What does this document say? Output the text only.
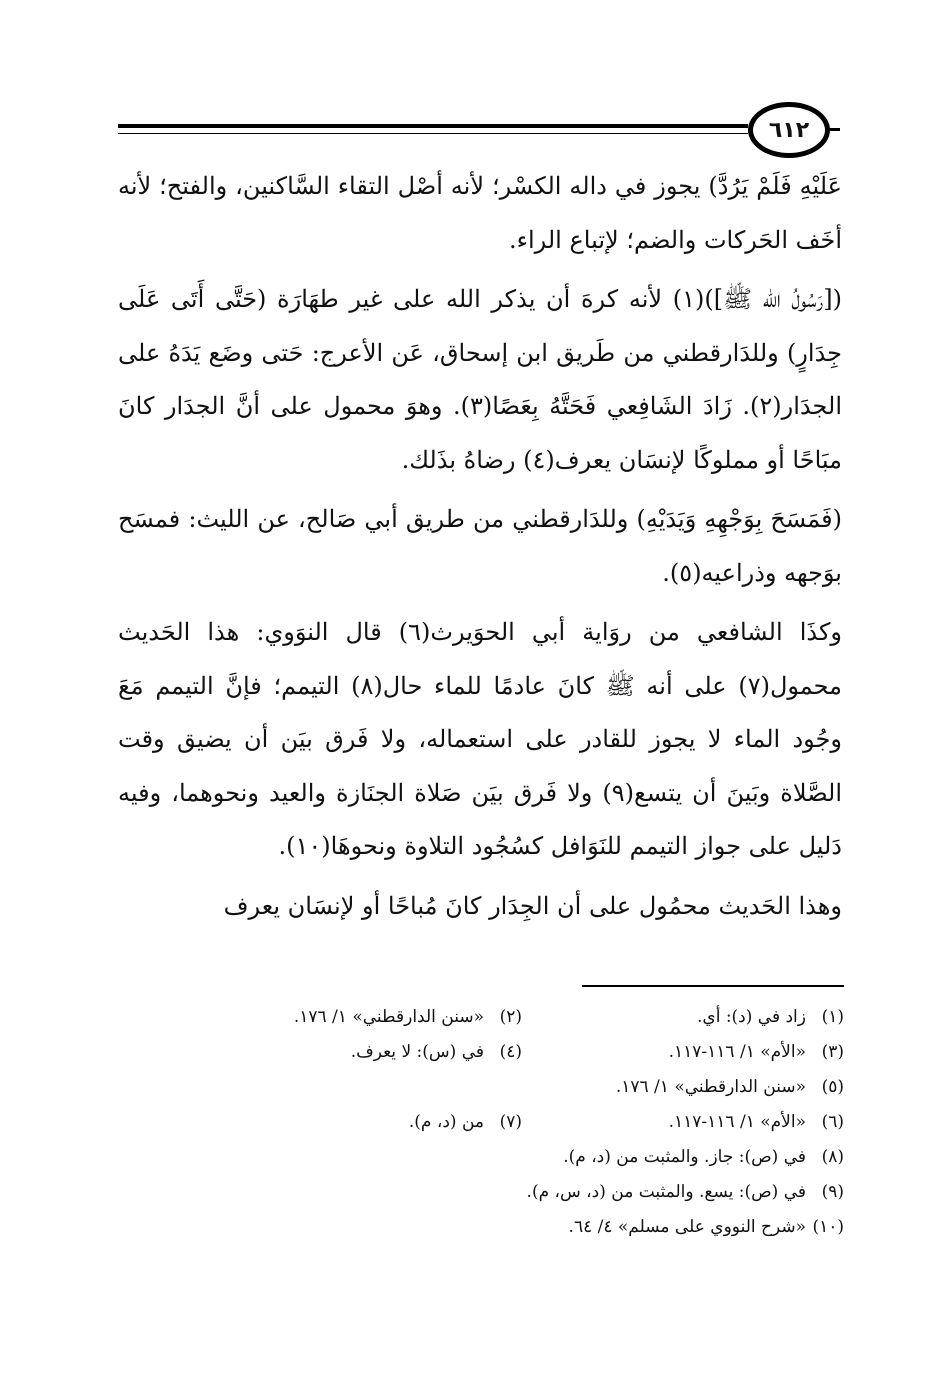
٦١٢

عَلَيْهِ فَلَمْ يَرُدَّ) يجوز في داله الكسْر؛ لأنه أصْل التقاء السَّاكنين، والفتح؛ لأنه أخَف الحَركات والضم؛ لإتباع الراء.

([رَسُولُ الله ﷺ])(١) لأنه كرهَ أن يذكر الله على غير طهَارَة (حَتَّى أَتَى عَلَى جِدَارٍ) وللدَارقطني من طَريق ابن إسحاق، عَن الأعرج: حَتى وضَع يَدَهُ على الجدَار(٢). زَادَ الشَافِعي فَحَتَّهُ بِعَصًا(٣). وهوَ محمول على أنَّ الجدَار كانَ مبَاحًا أو مملوكًا لإنسَان يعرف(٤) رضاهُ بذَلك.

(فَمَسَحَ بِوَجْهِهِ وَيَدَيْهِ) وللدَارقطني من طريق أبي صَالح، عن الليث: فمسَح بوَجهه وذراعيه(٥).

وكذَا الشافعي من روَاية أبي الحوَيرث(٦) قال النوَوي: هذا الحَديث محمول(٧) على أنه ﷺ كانَ عادمًا للماء حال(٨) التيمم؛ فإنَّ التيمم مَعَ وجُود الماء لا يجوز للقادر على استعماله، ولا فَرق بيَن أن يضيق وقت الصَّلاة وبَينَ أن يتسع(٩) ولا فَرق بيَن صَلاة الجنَازة والعيد ونحوهما، وفيه دَليل على جواز التيمم للنَوَافل كسُجُود التلاوة ونحوهَا(١٠).

وهذا الحَديث محمُول على أن الجِدَار كانَ مُباحًا أو لإنسَان يعرف

(١)زاد في (د): أي.
(٢)«سنن الدارقطني» ١/ ١٧٦.
(٣)«الأم» ١/ ١١٦-١١٧.
(٤)في (س): لا يعرف.
(٥)«سنن الدارقطني» ١/ ١٧٦.
(٦)«الأم» ١/ ١١٦-١١٧.
(٧)من (د، م).
(٨)في (ص): جاز. والمثبت من (د، م).
(٩)في (ص): يسع. والمثبت من (د، س، م).
(١٠)«شرح النووي على مسلم» ٤/ ٦٤.
